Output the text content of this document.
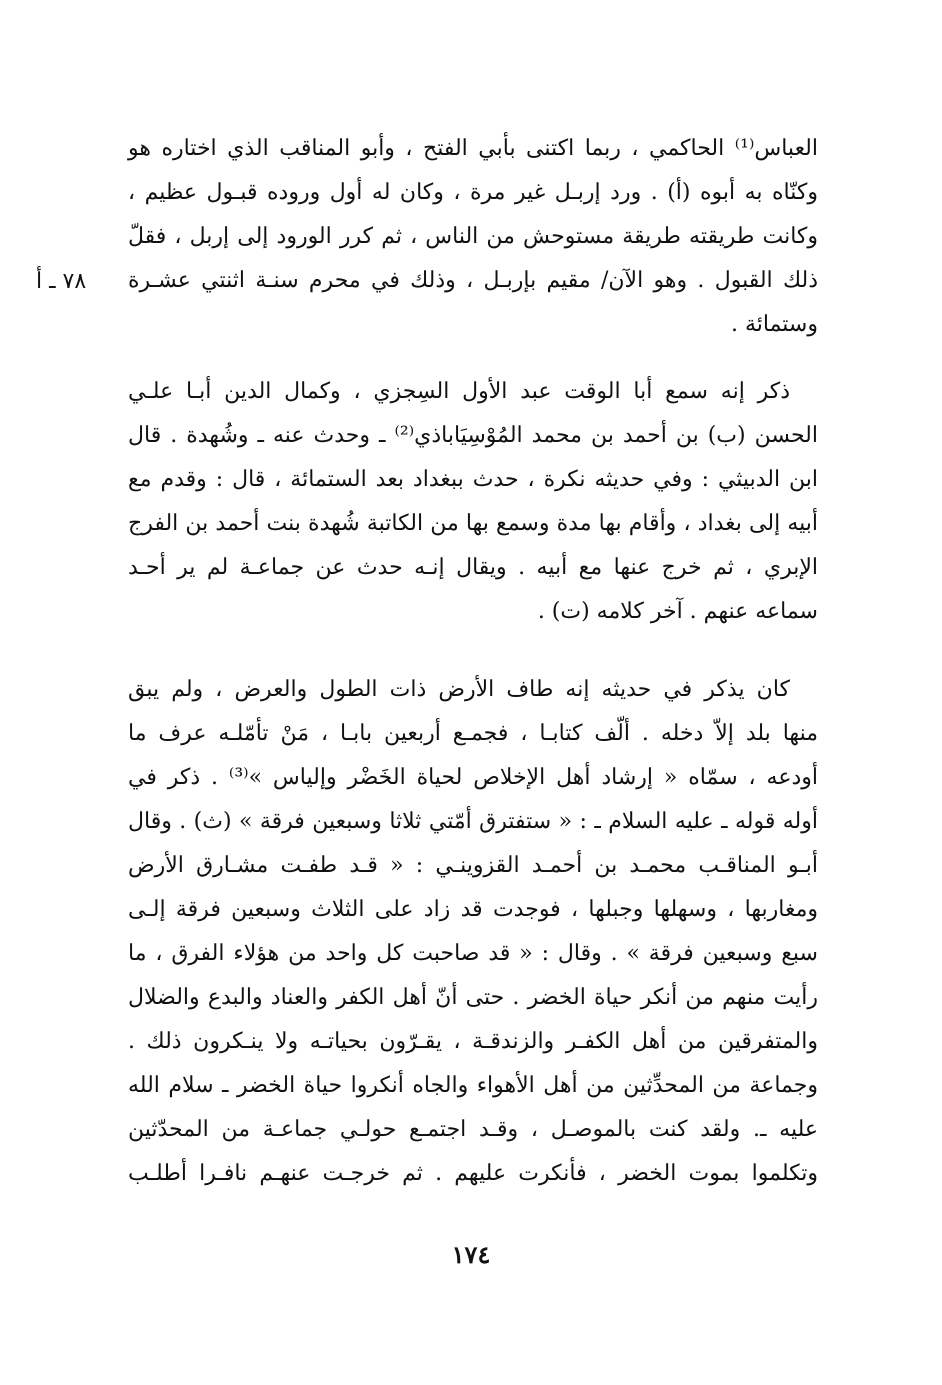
٧٨ ـ أ
العباس⁽¹⁾ الحاكمي ، ربما اكتنى بأبي الفتح ، وأبو المناقب الذي اختاره هو
وكنّاه به أبوه (أ) . ورد إربـل غير مرة ، وكان له أول وروده قبـول عظيم ،
وكانت طريقته طريقة مستوحش من الناس ، ثم كرر الورود إلى إربل ، فقلّ
ذلك القبول . وهو الآن/ مقيم بإربـل ، وذلك في محرم سنـة اثنتي عشـرة
وستمائة .
ذكر إنه سمع أبا الوقت عبد الأول السِجزي ، وكمال الدين أبـا علـي
الحسن (ب) بن أحمد بن محمد المُوْسِيَاباذي⁽²⁾ ـ وحدث عنه ـ وشُهدة . قال
ابن الدبيثي : وفي حديثه نكرة ، حدث ببغداد بعد الستمائة ، قال : وقدم مع
أبيه إلى بغداد ، وأقام بها مدة وسمع بها من الكاتبة شُهدة بنت أحمد بن الفرج
الإبري ، ثم خرج عنها مع أبيه . ويقال إنـه حدث عن جماعـة لم ير أحـد
سماعه عنهم . آخر كلامه (ت) .
كان يذكر في حديثه إنه طاف الأرض ذات الطول والعرض ، ولم يبق
منها بلد إلاّ دخله . ألّف كتابـا ، فجمـع أربعين بابـا ، مَنْ تأمّلـه عرف ما
أودعه ، سمّاه « إرشاد أهل الإخلاص لحياة الخَضْر وإلياس »⁽³⁾ . ذكر في
أوله قوله ـ عليه السلام ـ : « ستفترق أمّتي ثلاثا وسبعين فرقة » (ث) . وقال
أبـو المناقـب محمـد بن أحمـد القزوينـي : « قـد طفـت مشـارق الأرض
ومغاربها ، وسهلها وجبلها ، فوجدت قد زاد على الثلاث وسبعين فرقة إلـى
سبع وسبعين فرقة » . وقال : « قد صاحبت كل واحد من هؤلاء الفرق ، ما
رأيت منهم من أنكر حياة الخضر . حتى أنّ أهل الكفر والعناد والبدع والضلال
والمتفرقين من أهل الكفـر والزندقـة ، يقـرّون بحياتـه ولا ينـكرون ذلك .
وجماعة من المحدِّثين من أهل الأهواء والجاه أنكروا حياة الخضر ـ سلام الله
عليه ـ. ولقد كنت بالموصـل ، وقـد اجتمـع حولـي جماعـة من المحدّثين
وتكلموا بموت الخضر ، فأنكرت عليهم . ثم خرجـت عنهـم نافـرا أطلـب
١٧٤
